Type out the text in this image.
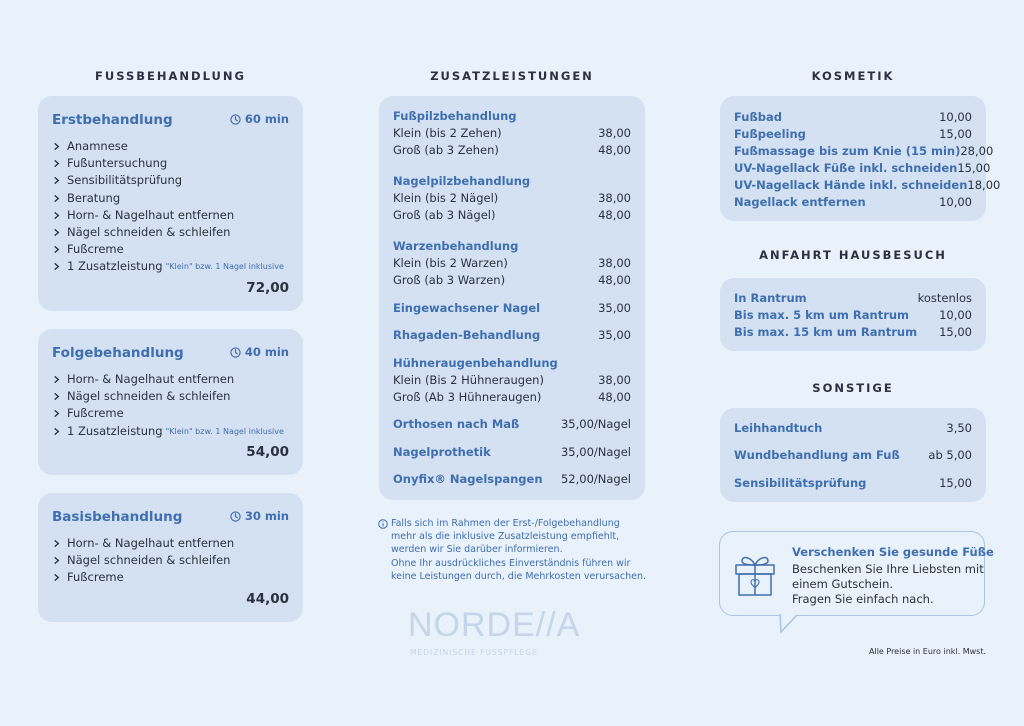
FUSSBEHANDLUNG	ZUSATZLEISTUNGEN	KOSMETIK
ANFAHRT HAUSBESUCH
SONSTIGE
Erstbehandlung	60 min
Anamnese
Fußuntersuchung
Sensibilitätsprüfung
Beratung
Horn- & Nagelhaut entfernen
Nägel schneiden & schleifen
Fußcreme
1 Zusatzleistung "Klein" bzw. 1 Nagel inklusive
72,00
Folgebehandlung	40 min
Horn- & Nagelhaut entfernen
Nägel schneiden & schleifen
Fußcreme
1 Zusatzleistung "Klein" bzw. 1 Nagel inklusive
54,00
Basisbehandlung	30 min
Horn- & Nagelhaut entfernen
Nägel schneiden & schleifen
Fußcreme
44,00
Fußpilzbehandlung
Klein (bis 2 Zehen)	38,00
Groß (ab 3 Zehen)	48,00
Nagelpilzbehandlung
Klein (bis 2 Nägel)	38,00
Groß (ab 3 Nägel)	48,00
Warzenbehandlung
Klein (bis 2 Warzen)	38,00
Groß (ab 3 Warzen)	48,00
Eingewachsener Nagel	35,00
Rhagaden-Behandlung	35,00
Hühneraugenbehandlung
Klein (Bis 2 Hühneraugen)	38,00
Groß (Ab 3 Hühneraugen)	48,00
Orthosen nach Maß	35,00/Nagel
Nagelprothetik	35,00/Nagel
Onyfix® Nagelspangen 52,00/Nagel

Falls sich im Rahmen der Erst-/Folgebehandlung

mehr als die inklusive Zusatzleistung empfiehlt,

werden wir Sie darüber informieren.

Ohne Ihr ausdrückliches Einverständnis führen wir

keine Leistungen durch, die Mehrkosten verursachen.

NORDE//A
MEDIZINISCHE FUSSPFLEGE
Fußbad	10,00
Fußpeeling	15,00
Fußmassage bis zum Knie (15 min) 28,00
UV-Nagellack Füße inkl. schneiden 15,00
UV-Nagellack Hände inkl. schneiden 18,00
Nagellack entfernen	10,00
In Rantrum	kostenlos
Bis max. 5 km um Rantrum	10,00
Bis max. 15 km um Rantrum 15,00
Leihhandtuch	3,50
Wundbehandlung am Fuß ab 5,00
Sensibilitätsprüfung	15,00
Verschenken Sie gesunde Füße
Beschenken Sie Ihre Liebsten mit
einem Gutschein.
Fragen Sie einfach nach.
Alle Preise in Euro inkl. Mwst.
